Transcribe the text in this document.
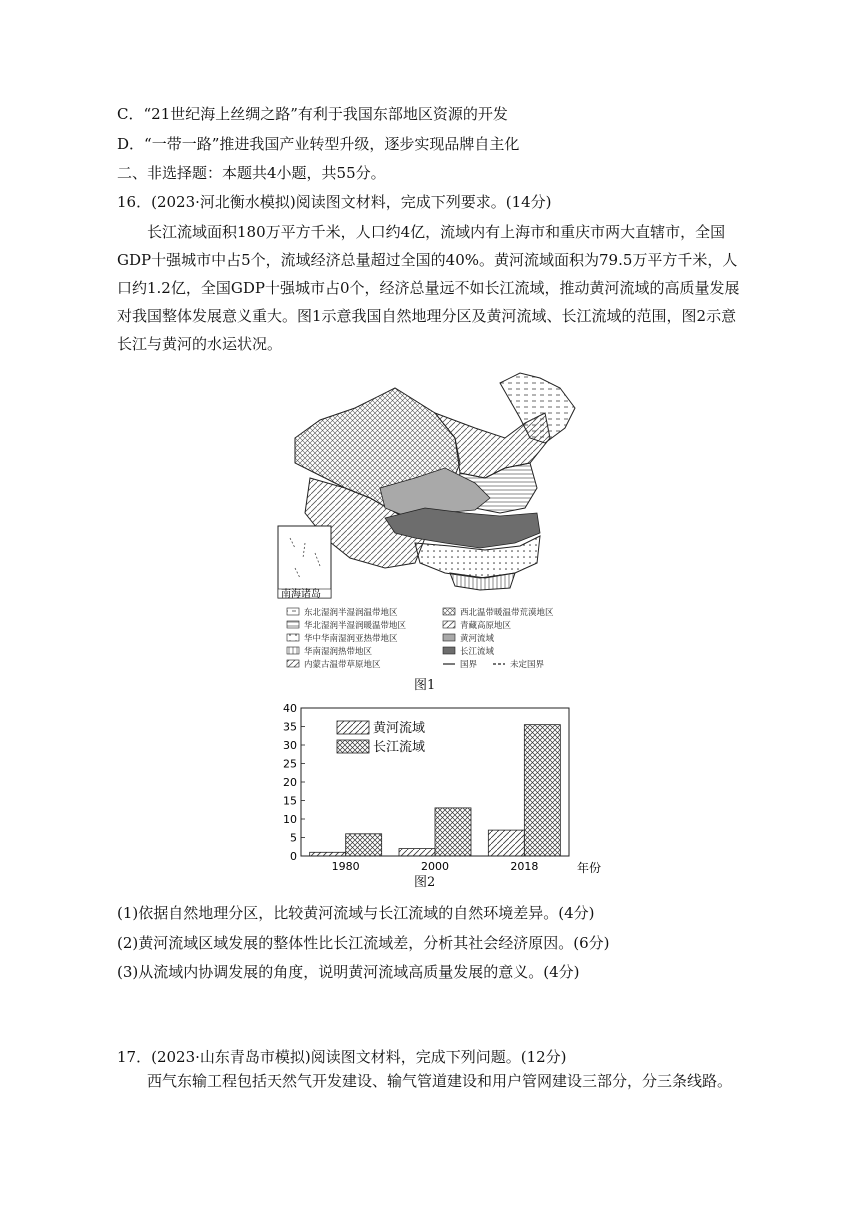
C．“21世纪海上丝绸之路”有利于我国东部地区资源的开发
D．“一带一路”推进我国产业转型升级，逐步实现品牌自主化
二、非选择题：本题共4小题，共55分。
16．(2023·河北衡水模拟)阅读图文材料，完成下列要求。(14分)
长江流域面积180万平方千米，人口约4亿，流域内有上海市和重庆市两大直辖市，全国GDP十强城市中占5个，流域经济总量超过全国的40%。黄河流域面积为79.5万平方千米，人口约1.2亿，全国GDP十强城市占0个，经济总量远不如长江流域，推动黄河流域的高质量发展对我国整体发展意义重大。图1示意我国自然地理分区及黄河流域、长江流域的范围，图2示意长江与黄河的水运状况。
南海诸岛
东北湿润半湿润温带地区
华北湿润半湿润暖温带地区
华中华南湿润亚热带地区
华南湿润热带地区
内蒙古温带草原地区
西北温带暖温带荒漠地区
青藏高原地区
黄河流域
长江流域
国界	未定国界
图1
0
5
10
15
20
25
30
35
40
1980	2000	2018	年份
黄河流域
长江流域
图2
(1)依据自然地理分区，比较黄河流域与长江流域的自然环境差异。(4分)
(2)黄河流域区域发展的整体性比长江流域差，分析其社会经济原因。(6分)
(3)从流域内协调发展的角度，说明黄河流域高质量发展的意义。(4分)
17．(2023·山东青岛市模拟)阅读图文材料，完成下列问题。(12分)
西气东输工程包括天然气开发建设、输气管道建设和用户管网建设三部分，分三条线路。
